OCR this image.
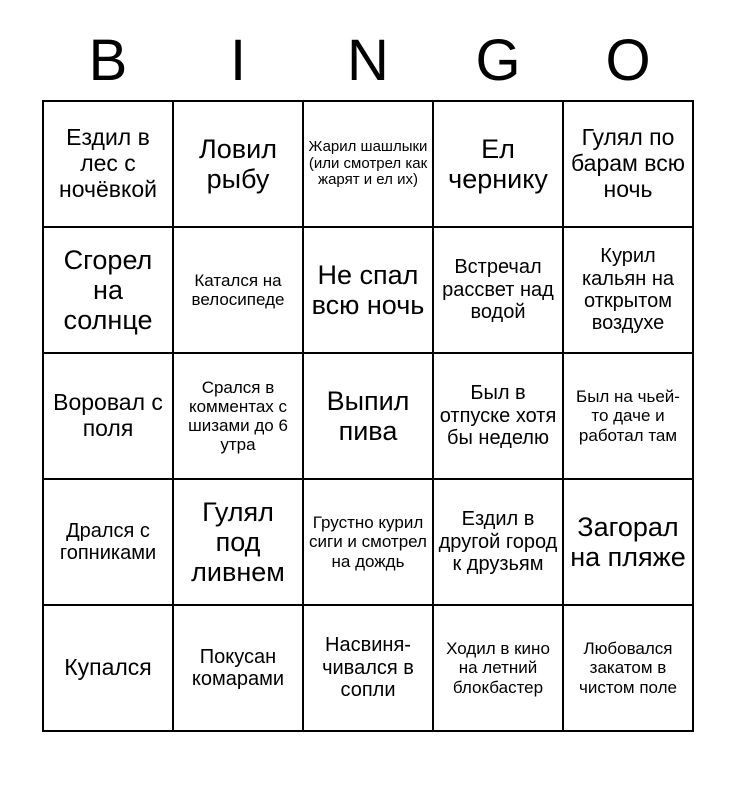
B	I	N	G	O
Ездил в лес с ночёвкой	Ловил рыбу	Жарил шашлыки (или смотрел как жарят и ел их)	Ел чернику	Гулял по барам всю ночь
Сгорел на солнце	Катался на велосипеде	Не спал всю ночь	Встречал рассвет над водой	Курил кальян на открытом воздухе
Воровал с поля	Срался в комментах с шизами до 6 утра	Выпил пива	Был в отпуске хотя бы неделю	Был на чьей-то даче и работал там
Дрался с гопниками	Гулял под ливнем	Грустно курил сиги и смотрел на дождь	Ездил в другой город к друзьям	Загорал на пляже
Купался	Покусан комарами	Насвиня-чивался в сопли	Ходил в кино на летний блокбастер	Любовался закатом в чистом поле
